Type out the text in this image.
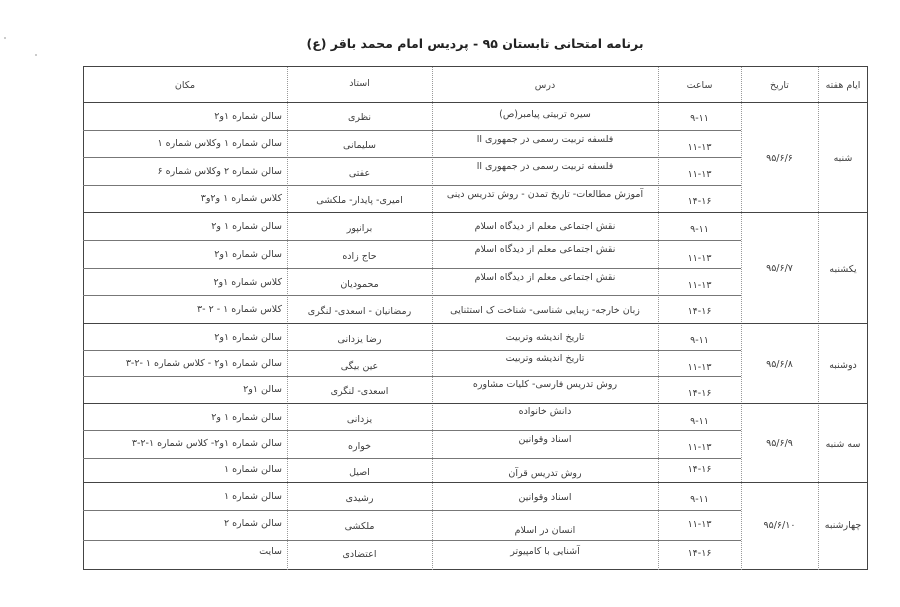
برنامه امتحانی تابستان ۹۵ - پردیس امام محمد باقر (ع)
ایام هفته
تاریخ
ساعت
درس
استاد
مکان
شنبه
۹۵/۶/۶
۹-۱۱
سیره تربیتی پیامبر(ص)
نظری
سالن شماره ۱و۲
۱۱-۱۳
فلسفه تربیت رسمی در جمهوری اا
سلیمانی
سالن شماره ۱ وکلاس شماره ۱
۱۱-۱۳
فلسفه تربیت رسمی در جمهوری اا
عفتی
سالن شماره ۲ وکلاس شماره ۶
۱۴-۱۶
آموزش مطالعات- تاریخ تمدن - روش تدریس دینی
امیری- پایدار- ملکشی
کلاس شماره ۱ و۲و۳
یکشنبه
۹۵/۶/۷
۹-۱۱
نقش اجتماعی معلم از دیدگاه اسلام
برانپور
سالن شماره ۱ و۲
۱۱-۱۳
نقش اجتماعی معلم از دیدگاه اسلام
حاج زاده
سالن شماره ۱و۲
۱۱-۱۳
نقش اجتماعی معلم از دیدگاه اسلام
محمودیان
کلاس شماره ۱و۲
۱۴-۱۶
زبان خارجه- زیبایی شناسی- شناخت ک استثنایی
رمضانیان - اسعدی- لنگری
کلاس شماره ۱ - ۲ -۳
دوشنبه
۹۵/۶/۸
۹-۱۱
تاریخ اندیشه وتربیت
رضا یزدانی
سالن شماره ۱و۲
۱۱-۱۳
تاریخ اندیشه وتربیت
عین بیگی
سالن شماره ۱و۲ - کلاس شماره ۱ -۲-۳
۱۴-۱۶
روش تدریس فارسی- کلیات مشاوره
اسعدی- لنگری
سالن ۱و۲
سه شنبه
۹۵/۶/۹
۹-۱۱
دانش خانواده
یزدانی
سالن شماره ۱ و۲
۱۱-۱۳
اسناد وقوانین
خواره
سالن شماره ۱و۲- کلاس شماره ۱-۲-۳
۱۴-۱۶
روش تدریس قرآن
اصیل
سالن شماره ۱
چهارشنبه
۹۵/۶/۱۰
۹-۱۱
اسناد وقوانین
رشیدی
سالن شماره ۱
۱۱-۱۳
انسان در اسلام
ملکشی
سالن شماره ۲
۱۴-۱۶
آشنایی با کامپیوتر
اعتضادی
سایت
